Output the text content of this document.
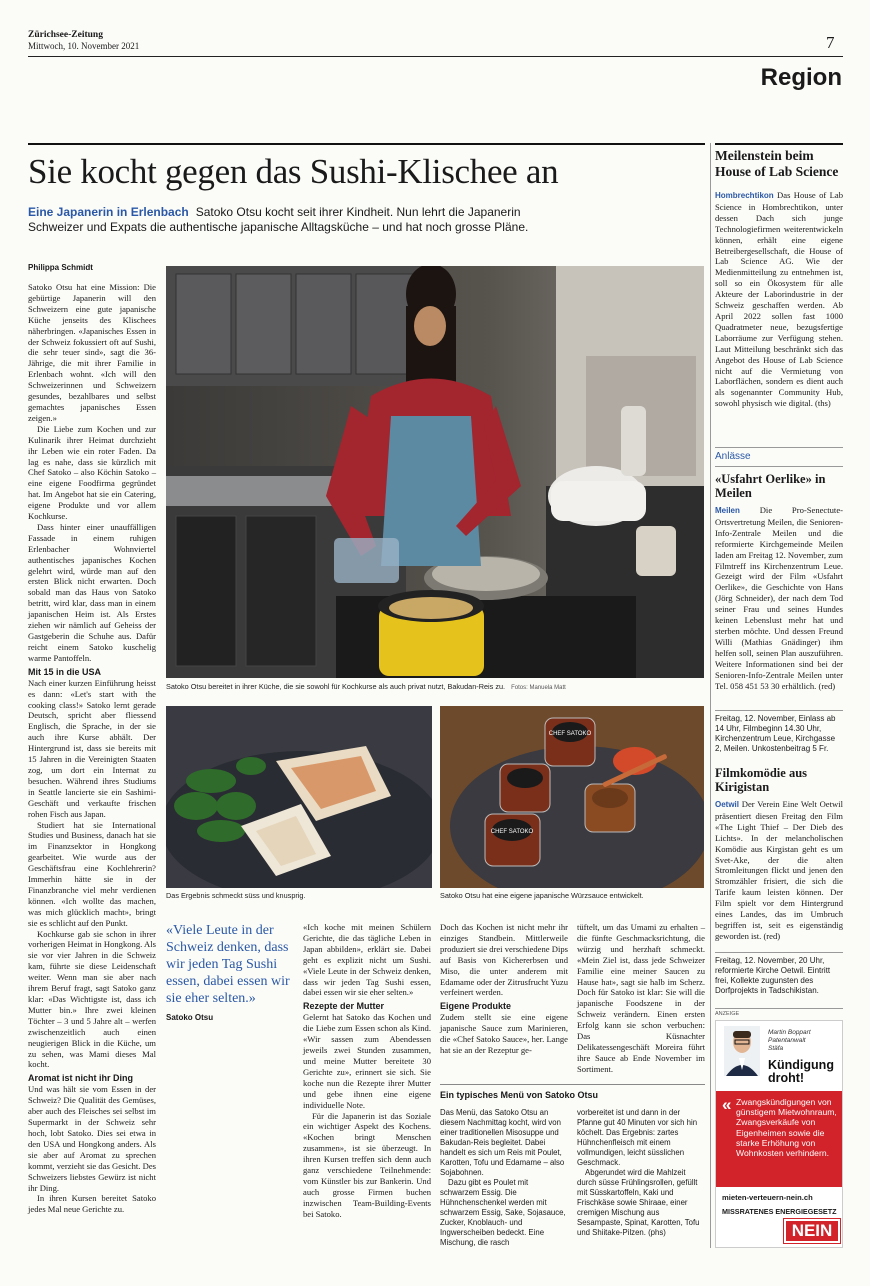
Zürichsee-Zeitung
Mittwoch, 10. November 2021	7
Region
Sie kocht gegen das Sushi-Klischee an
Eine Japanerin in Erlenbach Satoko Otsu kocht seit ihrer Kindheit. Nun lehrt die Japanerin
Schweizer und Expats die authentische japanische Alltagsküche – und hat noch grosse Pläne.
Philippa Schmidt

Satoko Otsu hat eine Mission: Die gebürtige Japanerin will den Schweizern eine gute japanische Küche jenseits des Klischees näherbringen. «Japanisches Essen in der Schweiz fokussiert oft auf Sushi, die sehr teuer sind», sagt die 36-Jährige, die mit ihrer Familie in Erlenbach wohnt. «Ich will den Schweizerinnen und Schweizern gesundes, bezahlbares und selbst gemachtes japanisches Essen zeigen.»

Die Liebe zum Kochen und zur Kulinarik ihrer Heimat durchzieht ihr Leben wie ein roter Faden. Da lag es nahe, dass sie kürzlich mit Chef Satoko – also Köchin Satoko – eine eigene Foodfirma gegründet hat. Im Angebot hat sie ein Catering, eigene Produkte und vor allem Kochkurse.

Dass hinter einer unauffälligen Fassade in einem ruhigen Erlenbacher Wohnviertel authentisches japanisches Kochen gelehrt wird, würde man auf den ersten Blick nicht erwarten. Doch sobald man das Haus von Satoko betritt, wird klar, dass man in einem japanischen Heim ist. Als Erstes ziehen wir nämlich auf Geheiss der Gastgeberin die Schuhe aus. Dafür reicht einem Satoko kuschelig warme Pantoffeln.

Mit 15 in die USA

Nach einer kurzen Einführung heisst es dann: «Let's start with the cooking class!» Satoko lernt gerade Deutsch, spricht aber fliessend Englisch, die Sprache, in der sie auch ihre Kurse abhält. Der Hintergrund ist, dass sie bereits mit 15 Jahren in die Vereinigten Staaten zog, um dort ein Internat zu besuchen. Während ihres Studiums in Seattle lancierte sie ein Sashimi-Geschäft und verkaufte frischen rohen Fisch aus Japan.

Studiert hat sie International Studies und Business, danach hat sie im Finanzsektor in Hongkong gearbeitet. Wie wurde aus der Geschäftsfrau eine Kochlehrerin? Immerhin hätte sie in der Finanzbranche viel mehr verdienen können. «Ich wollte das machen, was mich glücklich macht», bringt sie es schlicht auf den Punkt.

Kochkurse gab sie schon in ihrer vorherigen Heimat in Hongkong. Als sie vor vier Jahren in die Schweiz kam, führte sie diese Leidenschaft weiter. Wenn man sie aber nach ihrem Beruf fragt, sagt Satoko ganz klar: «Das Wichtigste ist, dass ich Mutter bin.» Ihre zwei kleinen Töchter – 3 und 5 Jahre alt – werfen zwischenzeitlich auch einen neugierigen Blick in die Küche, um zu sehen, was Mami dieses Mal kocht.

Aromat ist nicht ihr Ding

Und was hält sie vom Essen in der Schweiz? Die Qualität des Gemüses, aber auch des Fleisches sei selbst im Supermarkt in der Schweiz sehr hoch, lobt Satoko. Dies sei etwa in den USA und Hongkong anders. Als sie aber auf Aromat zu sprechen kommt, verzieht sie das Gesicht. Des Schweizers liebstes Gewürz ist nicht ihr Ding.

In ihren Kursen bereitet Satoko jedes Mal neue Gerichte zu.

Satoko Otsu bereitet in ihrer Küche, die sie sowohl für Kochkurse als auch privat nutzt, Bakudan-Reis zu. Fotos: Manuela Matt
Das Ergebnis schmeckt süss und knusprig.
CHEF SATOKO
CHEF SATOKO
Satoko Otsu hat eine eigene japanische Würzsauce entwickelt.
«Viele Leute in der Schweiz denken, dass wir jeden Tag Sushi essen, dabei essen wir sie eher selten.»
Satoko Otsu

«Ich koche mit meinen Schülern Gerichte, die das tägliche Leben in Japan abbilden», erklärt sie. Dabei geht es explizit nicht um Sushi. «Viele Leute in der Schweiz denken, dass wir jeden Tag Sushi essen, dabei essen wir sie eher selten.»

Rezepte der Mutter

Gelernt hat Satoko das Kochen und die Liebe zum Essen schon als Kind. «Wir sassen zum Abendessen jeweils zwei Stunden zusammen, und meine Mutter bereitete 30 Gerichte zu», erinnert sie sich. Sie koche nun die Rezepte ihrer Mutter und gebe ihnen eine eigene individuelle Note.

Für die Japanerin ist das Soziale ein wichtiger Aspekt des Kochens. «Kochen bringt Menschen zusammen», ist sie überzeugt. In ihren Kursen treffen sich denn auch ganz verschiedene Teilnehmende: vom Künstler bis zur Bankerin. Und auch grosse Firmen buchen inzwischen Team-Building-Events bei Satoko.

Doch das Kochen ist nicht mehr ihr einziges Standbein. Mittlerweile produziert sie drei verschiedene Dips auf Basis von Kichererbsen und Miso, die unter anderem mit Edamame oder der Zitrusfrucht Yuzu verfeinert werden.

Eigene Produkte

Zudem stellt sie eine eigene japanische Sauce zum Marinieren, die «Chef Satoko Sauce», her. Lange hat sie an der Rezeptur ge-

tüftelt, um das Umami zu erhalten – die fünfte Geschmacksrichtung, die würzig und herzhaft schmeckt. «Mein Ziel ist, dass jede Schweizer Familie eine meiner Saucen zu Hause hat», sagt sie halb im Scherz. Doch für Satoko ist klar: Sie will die japanische Foodszene in der Schweiz verändern. Einen ersten Erfolg kann sie schon verbuchen: Das Küsnachter Delikatessengeschäft Moreira führt ihre Sauce ab Ende November im Sortiment.

Ein typisches Menü von Satoko Otsu

Das Menü, das Satoko Otsu an diesem Nachmittag kocht, wird von einer traditionellen Misosuppe und Bakudan-Reis begleitet. Dabei handelt es sich um Reis mit Poulet, Karotten, Tofu und Edamame – also Sojabohnen.

Dazu gibt es Poulet mit schwarzem Essig. Die Hühnchenschenkel werden mit schwarzem Essig, Sake, Sojasauce, Zucker, Knoblauch- und Ingwerscheiben bedeckt. Eine Mischung, die rasch

vorbereitet ist und dann in der Pfanne gut 40 Minuten vor sich hin köchelt. Das Ergebnis: zartes Hühnchenfleisch mit einem vollmundigen, leicht süsslichen Geschmack.

Abgerundet wird die Mahlzeit durch süsse Frühlingsrollen, gefüllt mit Süsskartoffeln, Kaki und Frischkäse sowie Shiraae, einer cremigen Mischung aus Sesampaste, Spinat, Karotten, Tofu und Shiitake-Pilzen. (phs)

Meilenstein beim House of Lab Science

Hombrechtikon Das House of Lab Science in Hombrechtikon, unter dessen Dach sich junge Technologiefirmen weiterentwickeln können, erhält eine eigene Betreibergesellschaft, die House of Lab Science AG. Wie der Medienmitteilung zu entnehmen ist, soll so ein Ökosystem für alle Akteure der Laborindustrie in der Schweiz geschaffen werden. Ab April 2022 sollen fast 1000 Quadratmeter neue, bezugsfertige Laborräume zur Verfügung stehen. Laut Mitteilung beschränkt sich das Angebot des House of Lab Science nicht auf die Vermietung von Laborflächen, sondern es dient auch als sogenannter Community Hub, sowohl physisch wie digital. (ths)

Anlässe
«Usfahrt Oerlike» in Meilen

Meilen Die Pro-Senectute-Ortsvertretung Meilen, die Senioren-Info-Zentrale Meilen und die reformierte Kirchgemeinde Meilen laden am Freitag 12. November, zum Filmtreff ins Kirchenzentrum Leue. Gezeigt wird der Film «Usfahrt Oerlike», die Geschichte von Hans (Jörg Schneider), der nach dem Tod seiner Frau und seines Hundes keinen Lebenslust mehr hat und sterben möchte. Und dessen Freund Willi (Mathias Gnädinger) ihm helfen soll, seinen Plan auszuführen. Weitere Informationen sind bei der Senioren-Info-Zentrale Meilen unter Tel. 058 451 53 30 erhältlich. (red)

Freitag, 12. November, Einlass ab 14 Uhr, Filmbeginn 14.30 Uhr, Kirchenzentrum Leue, Kirchgasse 2, Meilen. Unkostenbeitrag 5 Fr.
Filmkomödie aus Kirigistan

Oetwil Der Verein Eine Welt Oetwil präsentiert diesen Freitag den Film «The Light Thief – Der Dieb des Lichts». In der melancholischen Komödie aus Kirgistan geht es um Svet-Ake, der die alten Stromleitungen flickt und jenen den Stromzähler frisiert, die sich die Tarife kaum leisten können. Der Film spielt vor dem Hintergrund eines Landes, das im Umbruch begriffen ist, seit es eigenständig geworden ist. (red)

Freitag, 12. November, 20 Uhr, reformierte Kirche Oetwil. Eintritt frei, Kollekte zugunsten des Dorfprojekts in Tadschikistan.
ANZEIGE
Martin Boppart
Patentanwalt
Stäfa
Kündigung droht!
« Zwangskündigungen von günstigem Mietwohnraum, Zwangsverkäufe von Eigenheimen sowie die starke Erhöhung von Wohnkosten verhindern.
mieten-verteuern-nein.ch
MISSRATENES ENERGIEGESETZ
NEIN
